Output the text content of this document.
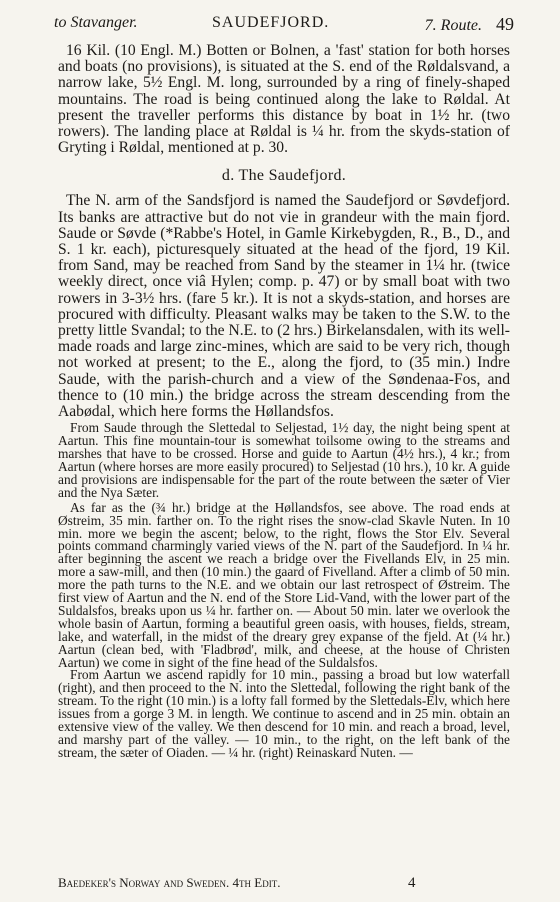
to Stavanger.	SAUDEFJORD.	7. Route. 49

16 Kil. (10 Engl. M.) Botten or Bolnen, a 'fast' station for both horses and boats (no provisions), is situated at the S. end of the Røldalsvand, a narrow lake, 5½ Engl. M. long, surrounded by a ring of finely-shaped mountains. The road is being continued along the lake to Røldal. At present the traveller performs this distance by boat in 1½ hr. (two rowers). The landing place at Røldal is ¼ hr. from the skyds-station of Gryting i Røldal, mentioned at p. 30.

d. The Saudefjord.

The N. arm of the Sandsfjord is named the Saudefjord or Søvdefjord. Its banks are attractive but do not vie in grandeur with the main fjord. Saude or Søvde (*Rabbe's Hotel, in Gamle Kirkebygden, R., B., D., and S. 1 kr. each), picturesquely situated at the head of the fjord, 19 Kil. from Sand, may be reached from Sand by the steamer in 1¼ hr. (twice weekly direct, once viâ Hylen; comp. p. 47) or by small boat with two rowers in 3-3½ hrs. (fare 5 kr.). It is not a skyds-station, and horses are procured with difficulty. Pleasant walks may be taken to the S.W. to the pretty little Svandal; to the N.E. to (2 hrs.) Birkelansdalen, with its well-made roads and large zinc-mines, which are said to be very rich, though not worked at present; to the E., along the fjord, to (35 min.) Indre Saude, with the parish-church and a view of the Søndenaa-Fos, and thence to (10 min.) the bridge across the stream descending from the Aabødal, which here forms the Høllandsfos.

From Saude through the Slettedal to Seljestad, 1½ day, the night being spent at Aartun. This fine mountain-tour is somewhat toilsome owing to the streams and marshes that have to be crossed. Horse and guide to Aartun (4½ hrs.), 4 kr.; from Aartun (where horses are more easily procured) to Seljestad (10 hrs.), 10 kr. A guide and provisions are indispensable for the part of the route between the sæter of Vier and the Nya Sæter.

As far as the (¾ hr.) bridge at the Høllandsfos, see above. The road ends at Østreim, 35 min. farther on. To the right rises the snow-clad Skavle Nuten. In 10 min. more we begin the ascent; below, to the right, flows the Stor Elv. Several points command charmingly varied views of the N. part of the Saudefjord. In ¼ hr. after beginning the ascent we reach a bridge over the Fivellands Elv, in 25 min. more a saw-mill, and then (10 min.) the gaard of Fivelland. After a climb of 50 min. more the path turns to the N.E. and we obtain our last retrospect of Østreim. The first view of Aartun and the N. end of the Store Lid-Vand, with the lower part of the Suldalsfos, breaks upon us ¼ hr. farther on. — About 50 min. later we overlook the whole basin of Aartun, forming a beautiful green oasis, with houses, fields, stream, lake, and waterfall, in the midst of the dreary grey expanse of the fjeld. At (¼ hr.) Aartun (clean bed, with 'Fladbrød', milk, and cheese, at the house of Christen Aartun) we come in sight of the fine head of the Suldalsfos.

From Aartun we ascend rapidly for 10 min., passing a broad but low waterfall (right), and then proceed to the N. into the Slettedal, following the right bank of the stream. To the right (10 min.) is a lofty fall formed by the Slettedals-Elv, which here issues from a gorge 3 M. in length. We continue to ascend and in 25 min. obtain an extensive view of the valley. We then descend for 10 min. and reach a broad, level, and marshy part of the valley. — 10 min., to the right, on the left bank of the stream, the sæter of Oiaden. — ¼ hr. (right) Reinaskard Nuten. —

Baedeker's Norway and Sweden. 4th Edit.	4
